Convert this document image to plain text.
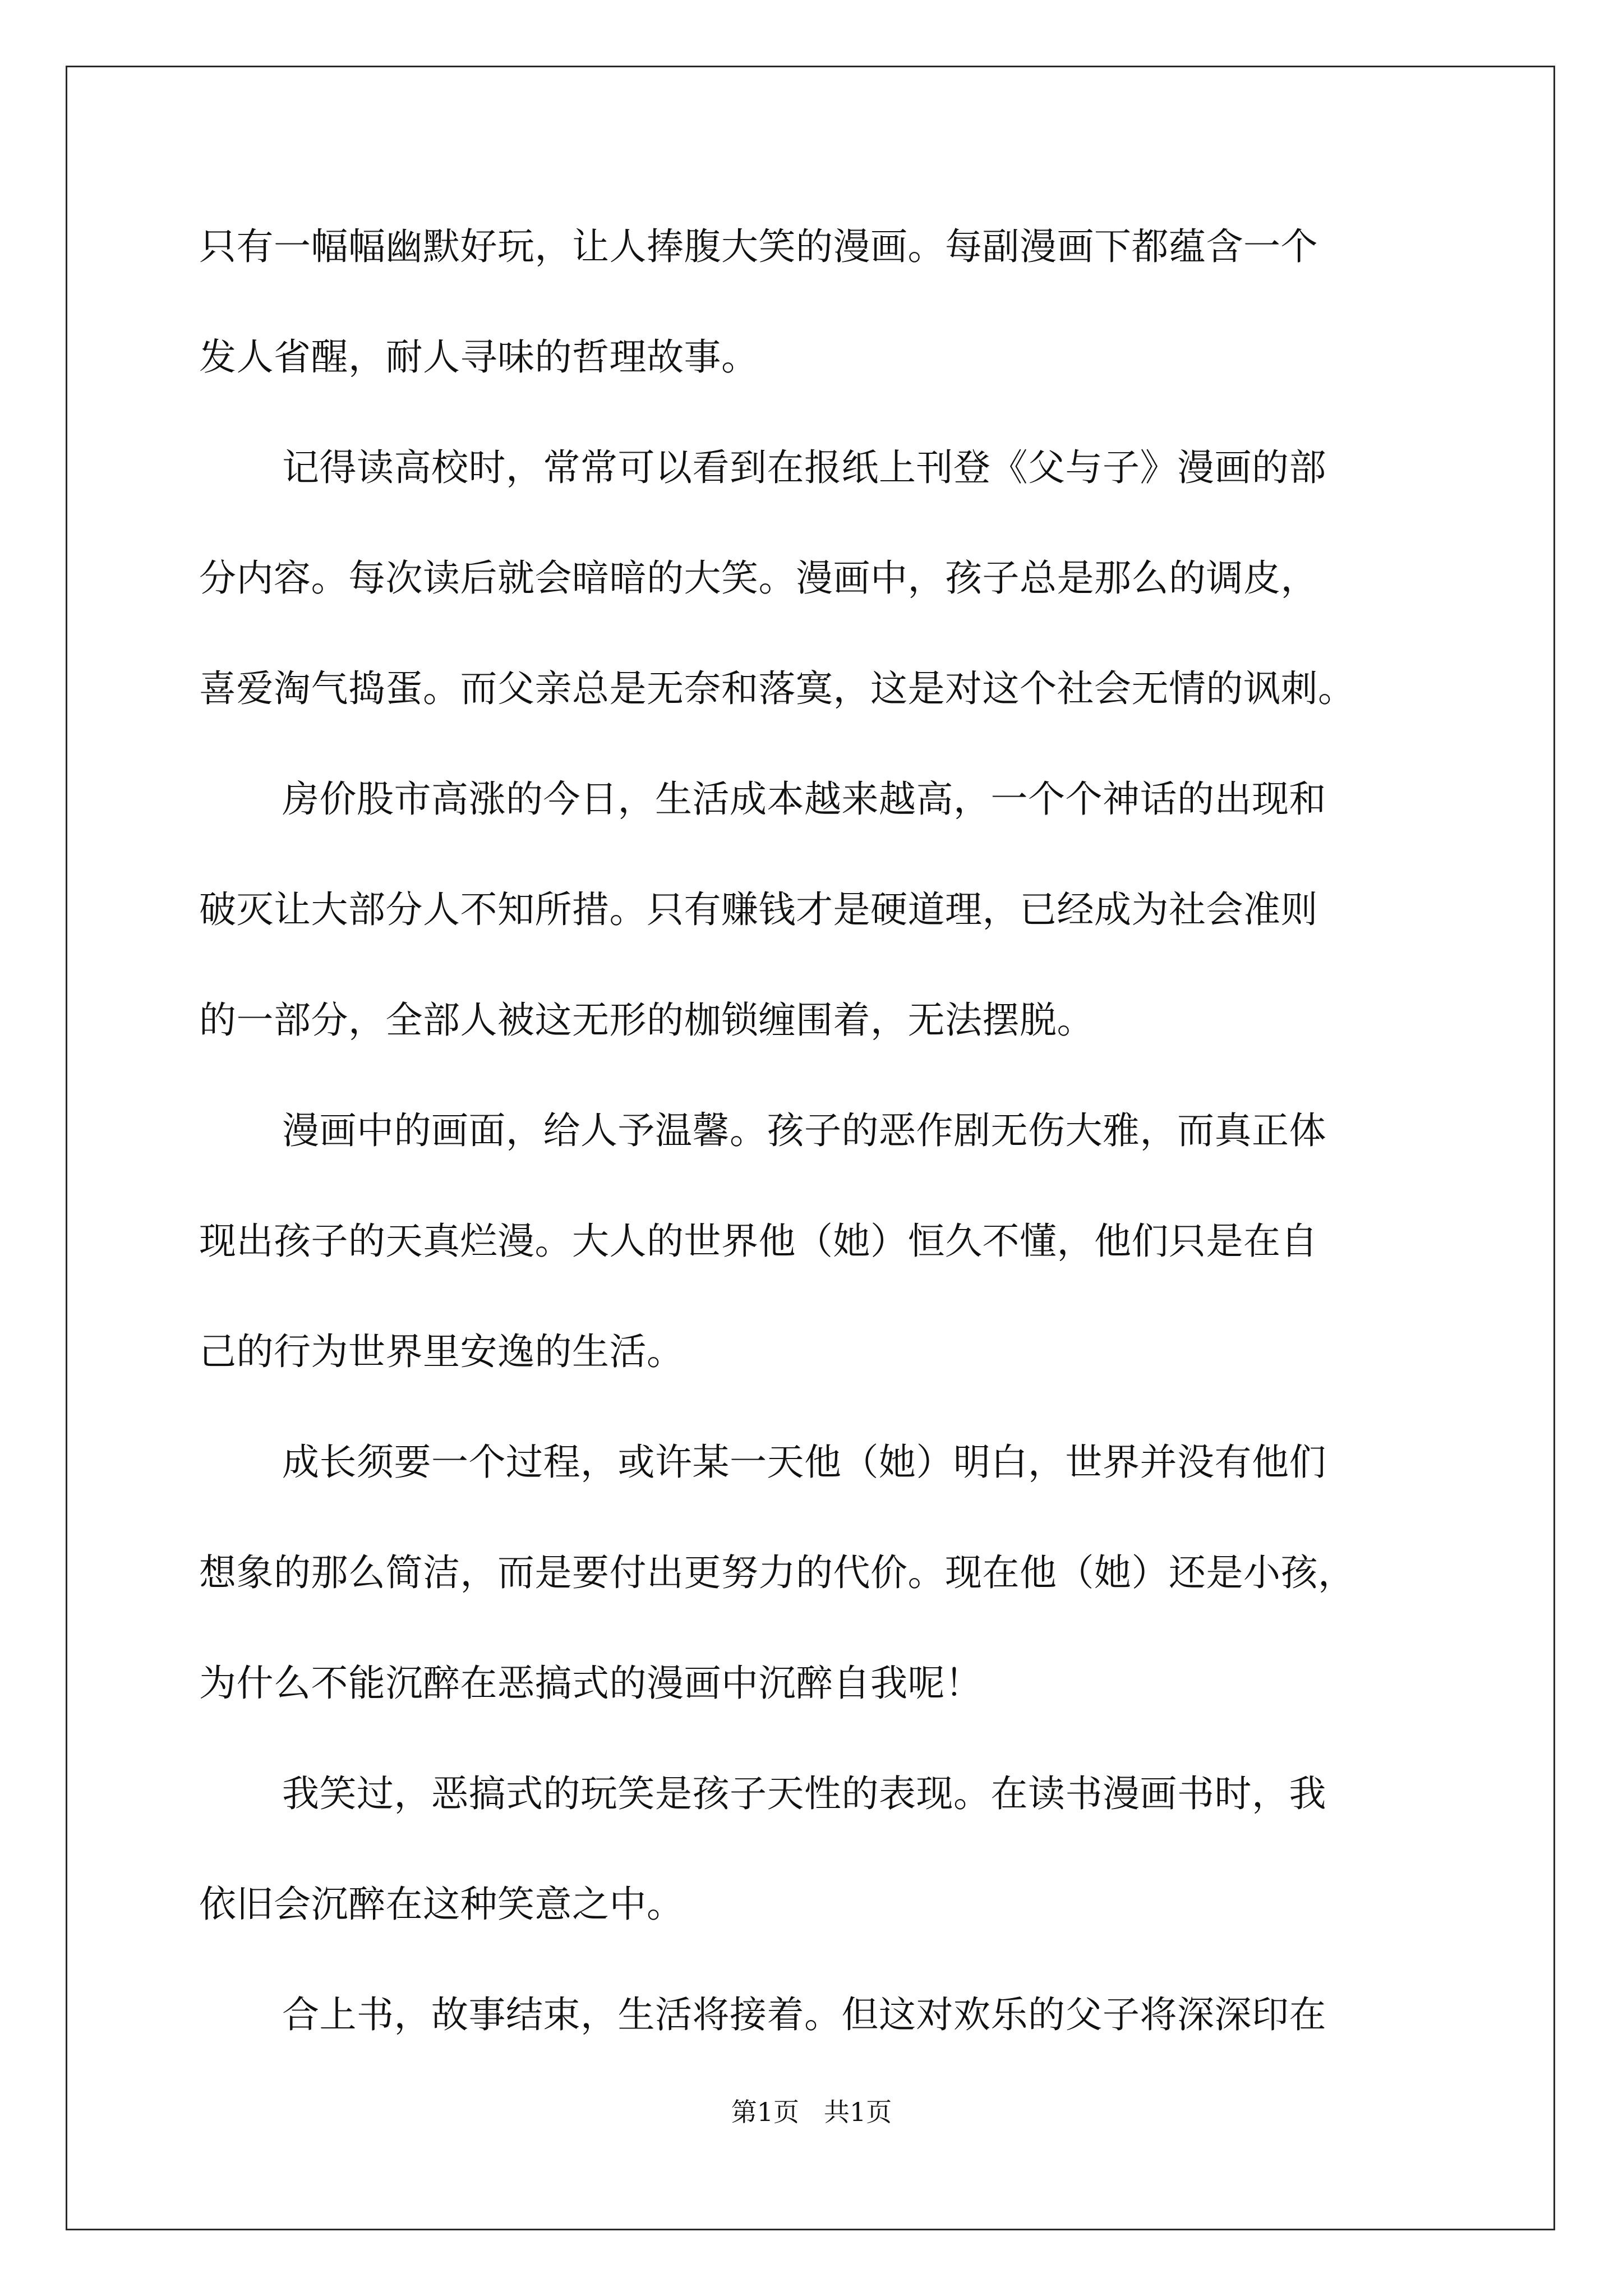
只有一幅幅幽默好玩，让人捧腹大笑的漫画。每副漫画下都蕴含一个
发人省醒，耐人寻味的哲理故事。
记得读高校时，常常可以看到在报纸上刊登《父与子》漫画的部
分内容。每次读后就会暗暗的大笑。漫画中，孩子总是那么的调皮，
喜爱淘气捣蛋。而父亲总是无奈和落寞，这是对这个社会无情的讽刺。
房价股市高涨的今日，生活成本越来越高，一个个神话的出现和
破灭让大部分人不知所措。只有赚钱才是硬道理，已经成为社会准则
的一部分，全部人被这无形的枷锁缠围着，无法摆脱。
漫画中的画面，给人予温馨。孩子的恶作剧无伤大雅，而真正体
现出孩子的天真烂漫。大人的世界他（她）恒久不懂，他们只是在自
己的行为世界里安逸的生活。
成长须要一个过程，或许某一天他（她）明白，世界并没有他们
想象的那么简洁，而是要付出更努力的代价。现在他（她）还是小孩，
为什么不能沉醉在恶搞式的漫画中沉醉自我呢！
我笑过，恶搞式的玩笑是孩子天性的表现。在读书漫画书时，我
依旧会沉醉在这种笑意之中。
合上书，故事结束，生活将接着。但这对欢乐的父子将深深印在
第1页 共1页
